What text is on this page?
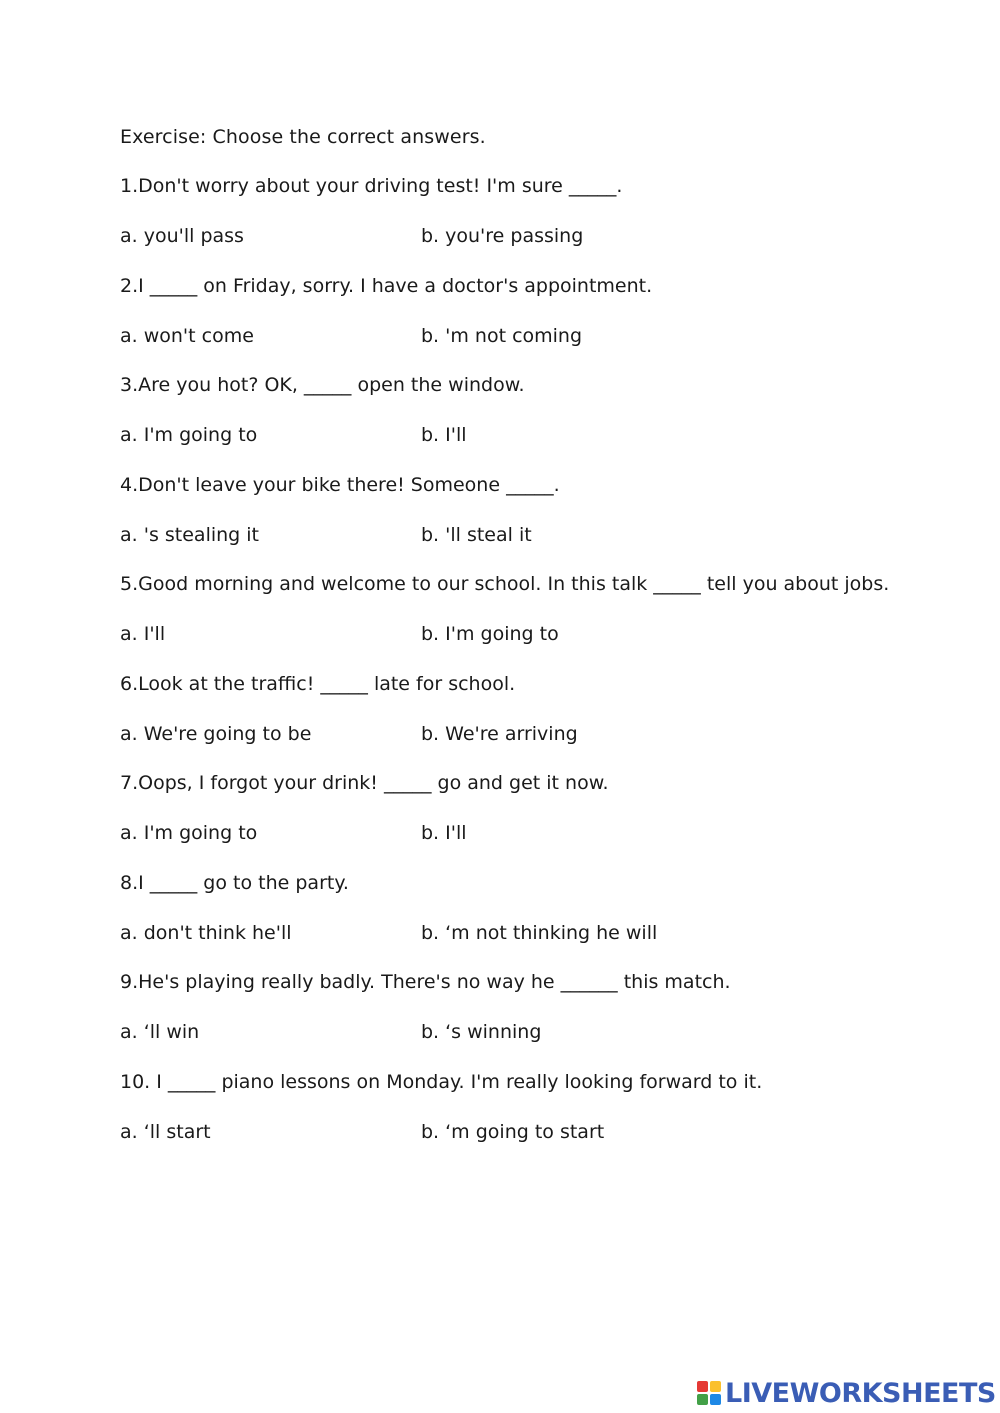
Exercise: Choose the correct answers.
1.Don't worry about your driving test! I'm sure _____.
a. you'll pass	b. you're passing
2.I _____ on Friday, sorry. I have a doctor's appointment.
a. won't come	b. 'm not coming
3.Are you hot? OK, _____ open the window.
a. I'm going to	b. I'll
4.Don't leave your bike there! Someone _____.
a. 's stealing it	b. 'll steal it
5.Good morning and welcome to our school. In this talk _____ tell you about jobs.
a. I'll	b. I'm going to
6.Look at the traffic! _____ late for school.
a. We're going to be	b. We're arriving
7.Oops, I forgot your drink! _____ go and get it now.
a. I'm going to	b. I'll
8.I _____ go to the party.
a. don't think he'll	b. ‘m not thinking he will
9.He's playing really badly. There's no way he ______ this match.
a. ‘ll win	b. ‘s winning
10. I _____ piano lessons on Monday. I'm really looking forward to it.
a. ‘ll start	b. ‘m going to start
LIVEWORKSHEETS
